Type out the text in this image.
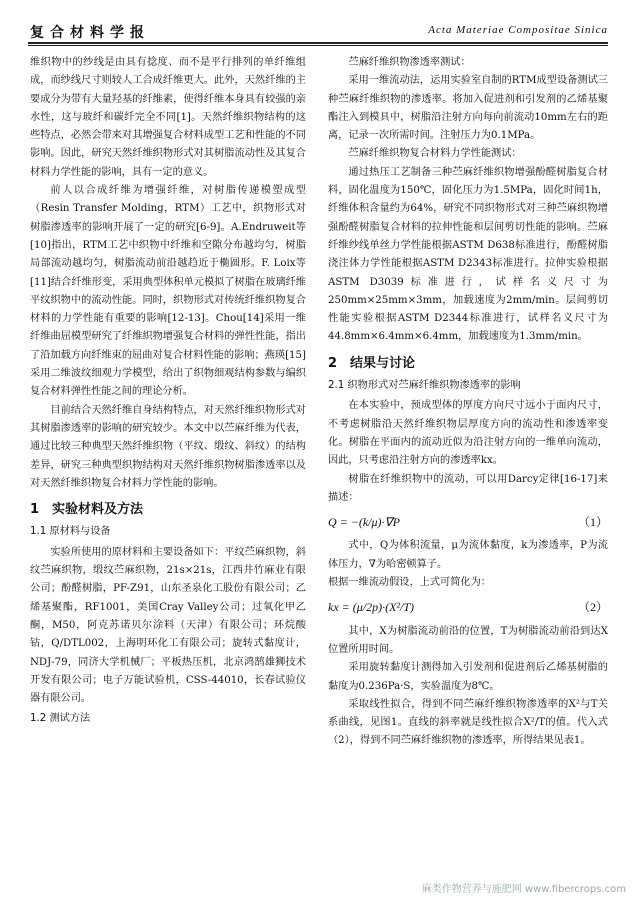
复合材料学报	Acta Materiae Compositae Sinica

维织物中的纱线是由具有捻度、而不是平行排列的单纤维组成，而纱线尺寸则较人工合成纤维更大。此外，天然纤维的主要成分为带有大量羟基的纤维素，使得纤维本身具有较强的亲水性，这与玻纤和碳纤完全不同[1]。天然纤维织物结构的这些特点，必然会带来对其增强复合材料成型工艺和性能的不同影响。因此，研究天然纤维织物形式对其树脂流动性及其复合材料力学性能的影响，具有一定的意义。

前人以合成纤维为增强纤维，对树脂传递模塑成型（Resin Transfer Molding，RTM）工艺中，织物形式对树脂渗透率的影响开展了一定的研究[6-9]。A.Endruweit等[10]指出，RTM工艺中织物中纤维和空隙分布越均匀，树脂局部流动越均匀，树脂流动前沿越趋近于椭圆形。F. Loix等[11]结合纤维形变，采用典型体积单元模拟了树脂在玻璃纤维平纹织物中的流动性能。同时，织物形式对传统纤维织物复合材料的力学性能有重要的影响[12-13]。Chou[14]采用一维纤维曲屈模型研究了纤维织物增强复合材料的弹性性能，指出了沿加载方向纤维束的屈曲对复合材料性能的影响；燕瑛[15]采用二维波纹细观力学模型，给出了织物细观结构参数与编织复合材料弹性性能之间的理论分析。

目前结合天然纤维自身结构特点，对天然纤维织物形式对其树脂渗透率的影响的研究较少。本文中以苎麻纤维为代表，通过比较三种典型天然纤维织物（平纹、缎纹、斜纹）的结构差异，研究三种典型织物结构对天然纤维织物树脂渗透率以及对天然纤维织物复合材料力学性能的影响。

1　实验材料及方法
1.1 原材料与设备

实验所使用的原材料和主要设备如下：平纹苎麻织物，斜纹苎麻织物，缎纹苎麻织物，21s×21s，江西井竹麻业有限公司；酚醛树脂，PF-Z91，山东圣泉化工股份有限公司；乙烯基聚酯，RF1001，美国Cray Valley公司；过氧化甲乙酮，M50，阿克苏诺贝尔涂料（天津）有限公司；环烷酸钴，Q/DTL002，上海明环化工有限公司；旋转式黏度计，NDJ-79，同济大学机械厂；平板热压机，北京鸿鹄雄狮技术开发有限公司；电子万能试验机，CSS-44010，长春试验仪器有限公司。

1.2 测试方法

苎麻纤维织物渗透率测试：

采用一维流动法，运用实验室自制的RTM成型设备测试三种苎麻纤维织物的渗透率。将加入促进剂和引发剂的乙烯基聚酯注入到模具中，树脂沿注射方向每向前流动10mm左右的距离，记录一次所需时间。注射压力为0.1MPa。

苎麻纤维织物复合材料力学性能测试：

通过热压工艺制备三种苎麻纤维织物增强酚醛树脂复合材料，固化温度为150℃，固化压力为1.5MPa，固化时间1h，纤维体积含量约为64%，研究不同织物形式对三种苎麻织物增强酚醛树脂复合材料的拉伸性能和层间剪切性能的影响。苎麻纤维纱线单丝力学性能根据ASTM D638标准进行，酚醛树脂浇注体力学性能根据ASTM D2343标准进行。拉伸实验根据ASTM D3039标准进行，试样名义尺寸为250mm×25mm×3mm，加载速度为2mm/min。层间剪切性能实验根据ASTM D2344标准进行，试样名义尺寸为44.8mm×6.4mm×6.4mm，加载速度为1.3mm/min。

2　结果与讨论
2.1 织物形式对苎麻纤维织物渗透率的影响

在本实验中，预成型体的厚度方向尺寸远小于面内尺寸，不考虑树脂沿天然纤维织物层厚度方向的流动性和渗透率变化。树脂在平面内的流动近似为沿注射方向的一维单向流动，因此，只考虑沿注射方向的渗透率kx。

树脂在纤维织物中的流动，可以用Darcy定律[16-17]来描述：

Q = −(k/μ)·∇P	（1）

式中，Q为体积流量，μ为流体黏度，k为渗透率，P为流体压力，∇为哈密顿算子。

根据一维流动假设，上式可简化为：

kx = (μ/2p)·(X²/T)	（2）

其中，X为树脂流动前沿的位置，T为树脂流动前沿到达X位置所用时间。

采用旋转黏度计测得加入引发剂和促进剂后乙烯基树脂的黏度为0.236Pa·S，实验温度为8℃。

采取线性拟合，得到不同苎麻纤维织物渗透率的X²与T关系曲线，见图1。直线的斜率就是线性拟合X²/T的值。代入式（2），得到不同苎麻纤维织物的渗透率，所得结果见表1。

麻类作物营养与施肥网 www.fibercrops.com
